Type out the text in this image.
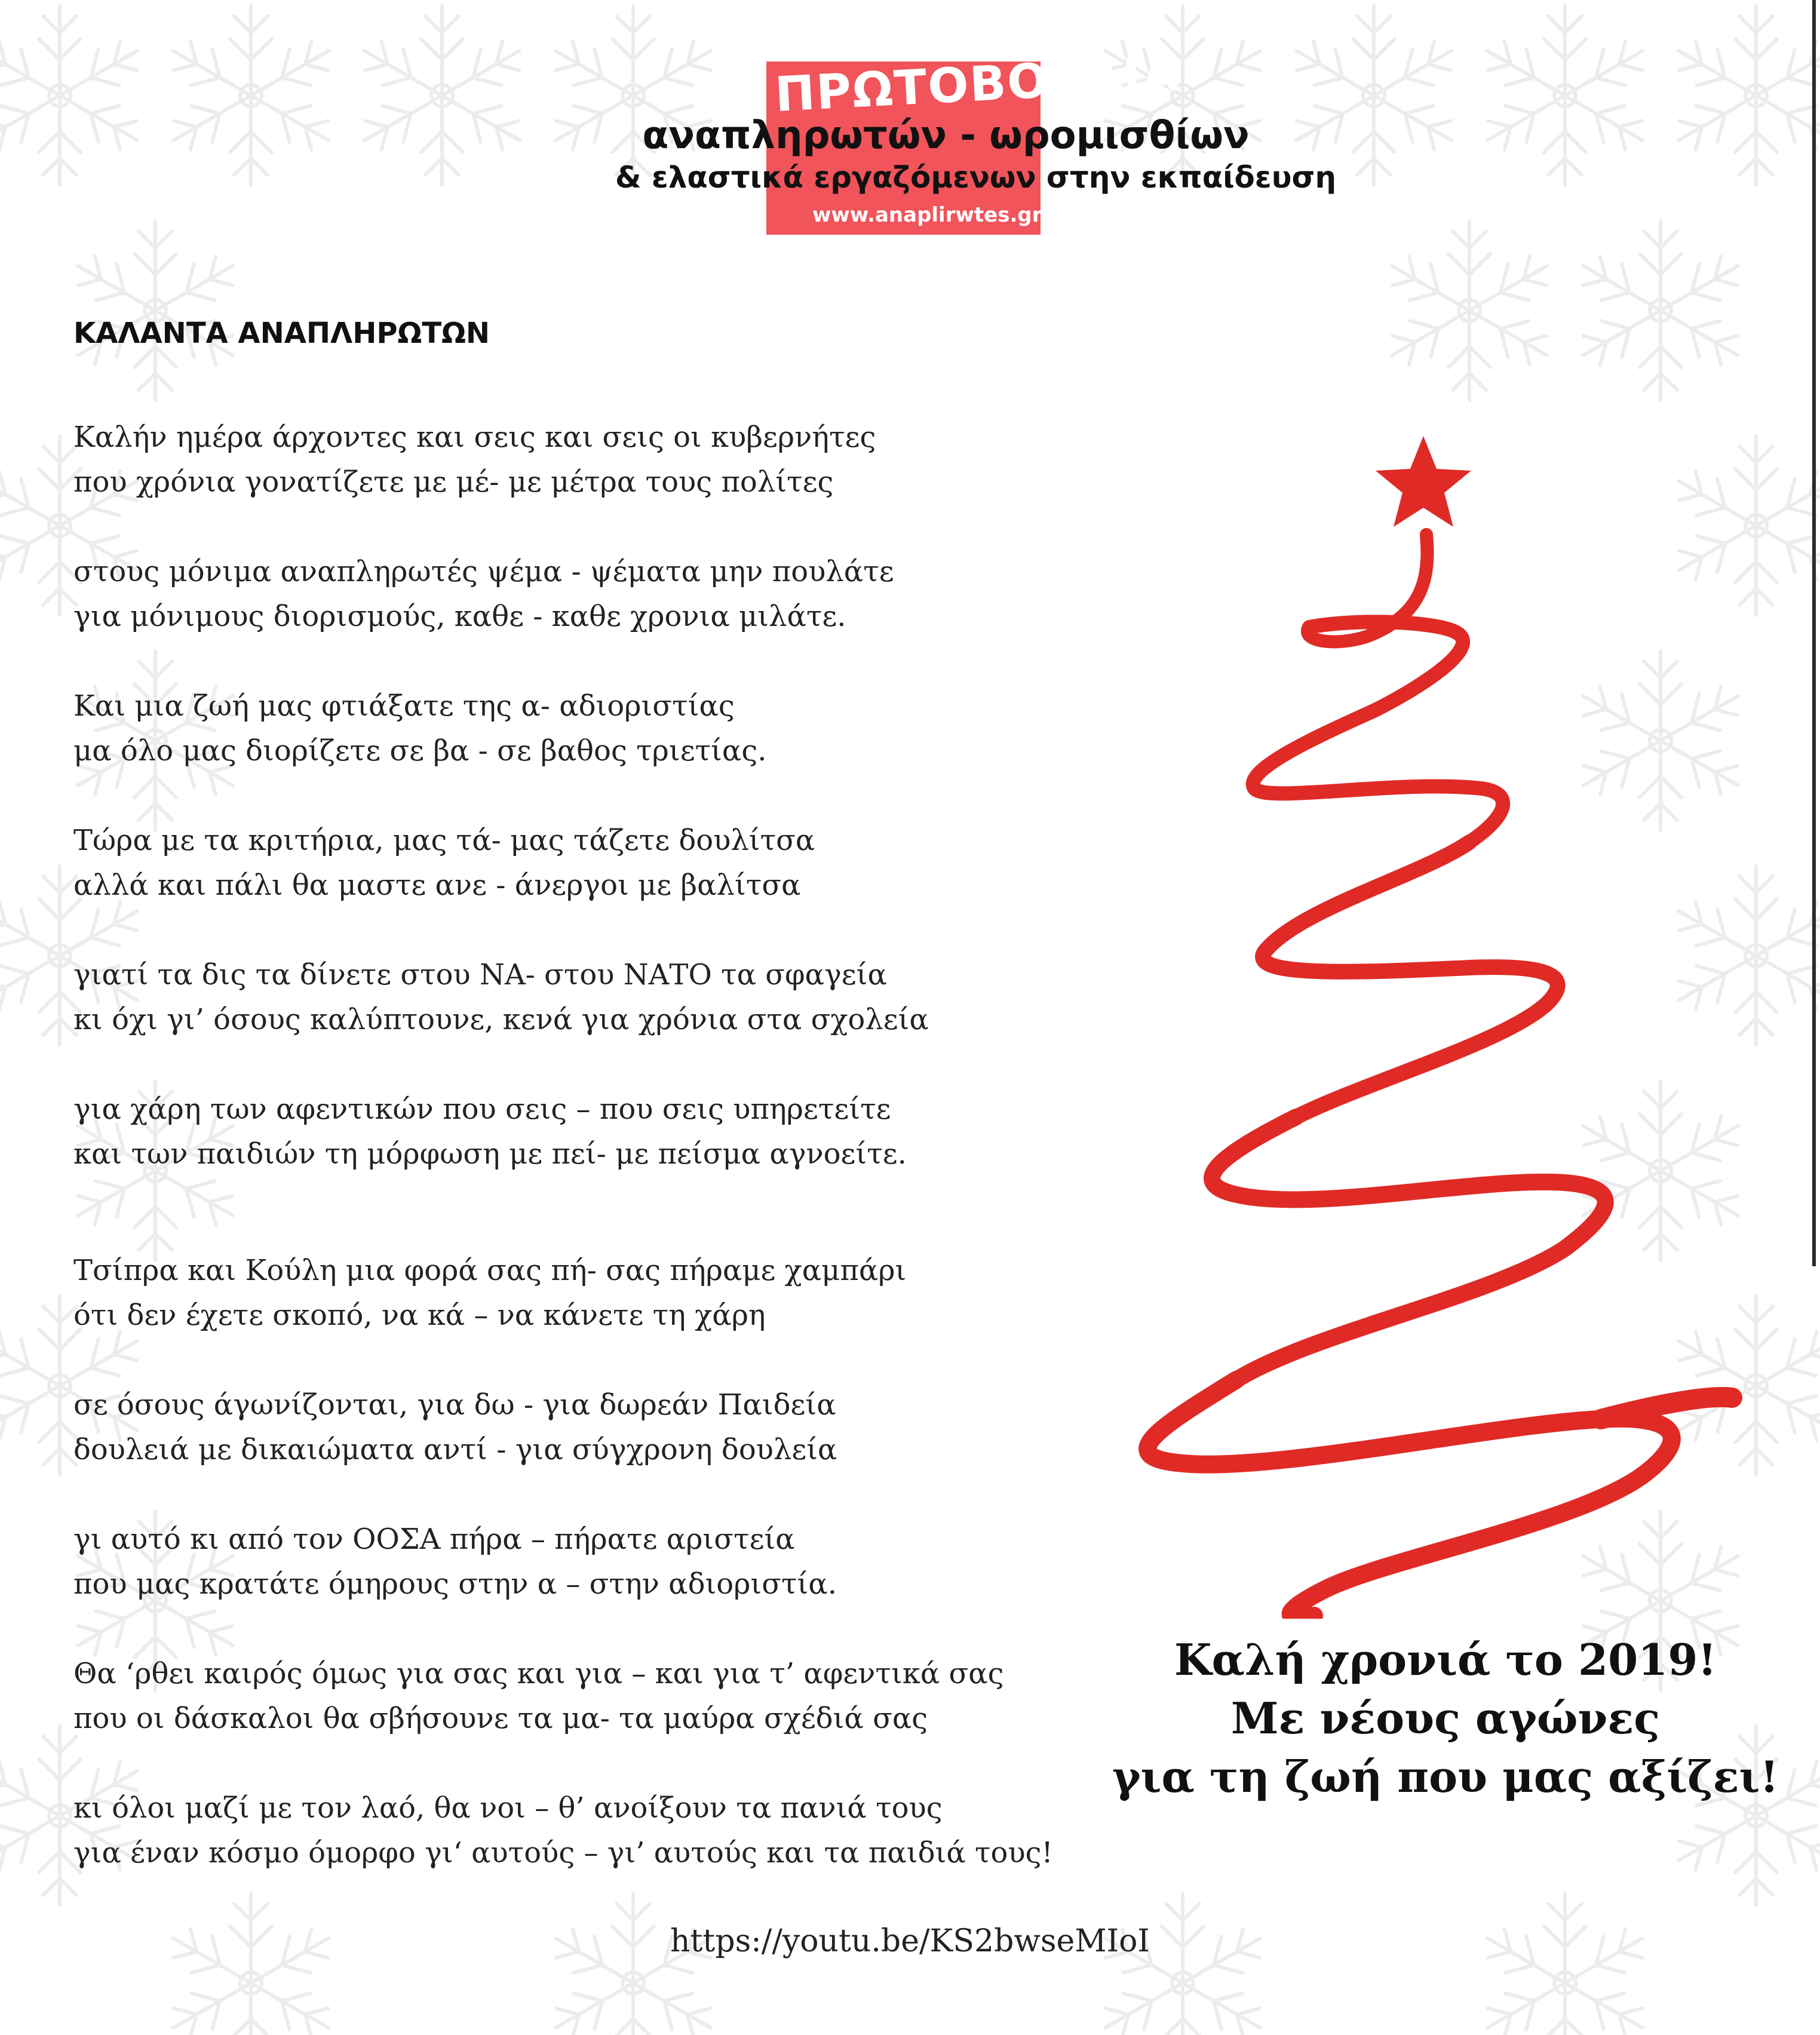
ΠΡΩΤΟΒΟΥΛΙΑ
αναπληρωτών - ωρομισθίων
& ελαστικά εργαζόμενων στην εκπαίδευση
www.anaplirwtes.gr
ΚΑΛΑΝΤΑ ΑΝΑΠΛΗΡΩΤΩΝ
Καλήν ημέρα άρχοντες και σεις και σεις οι κυβερνήτες
που χρόνια γονατίζετε με μέ- με μέτρα τους πολίτες
στους μόνιμα αναπληρωτές ψέμα - ψέματα μην πουλάτε
για μόνιμους διορισμούς, καθε - καθε χρονια μιλάτε.
Και μια ζωή μας φτιάξατε της α- αδιοριστίας
μα όλο μας διορίζετε σε βα - σε βαθος τριετίας.
Τώρα με τα κριτήρια, μας τά- μας τάζετε δουλίτσα
αλλά και πάλι θα μαστε ανε - άνεργοι με βαλίτσα
γιατί τα δις τα δίνετε στου ΝΑ- στου ΝΑΤΟ τα σφαγεία
κι όχι γι’ όσους καλύπτουνε, κενά για χρόνια στα σχολεία
για χάρη των αφεντικών που σεις – που σεις υπηρετείτε
και των παιδιών τη μόρφωση με πεί- με πείσμα αγνοείτε.
Τσίπρα και Κούλη μια φορά σας πή- σας πήραμε χαμπάρι
ότι δεν έχετε σκοπό, να κά – να κάνετε τη χάρη
σε όσους άγωνίζονται, για δω - για δωρεάν Παιδεία
δουλειά με δικαιώματα αντί - για σύγχρονη δουλεία
γι αυτό κι από τον ΟΟΣΑ πήρα – πήρατε αριστεία
που μας κρατάτε όμηρους στην α – στην αδιοριστία.
Θα ‘ρθει καιρός όμως για σας και για – και για τ’ αφεντικά σας
που οι δάσκαλοι θα σβήσουνε τα μα- τα μαύρα σχέδιά σας
κι όλοι μαζί με τον λαό, θα νοι – θ’ ανοίξουν τα πανιά τους
για έναν κόσμο όμορφο γι‘ αυτούς – γι’ αυτούς και τα παιδιά τους!
Καλή χρονιά το 2019!
Με νέους αγώνες
για τη ζωή που μας αξίζει!
https://youtu.be/KS2bwseMIoI
